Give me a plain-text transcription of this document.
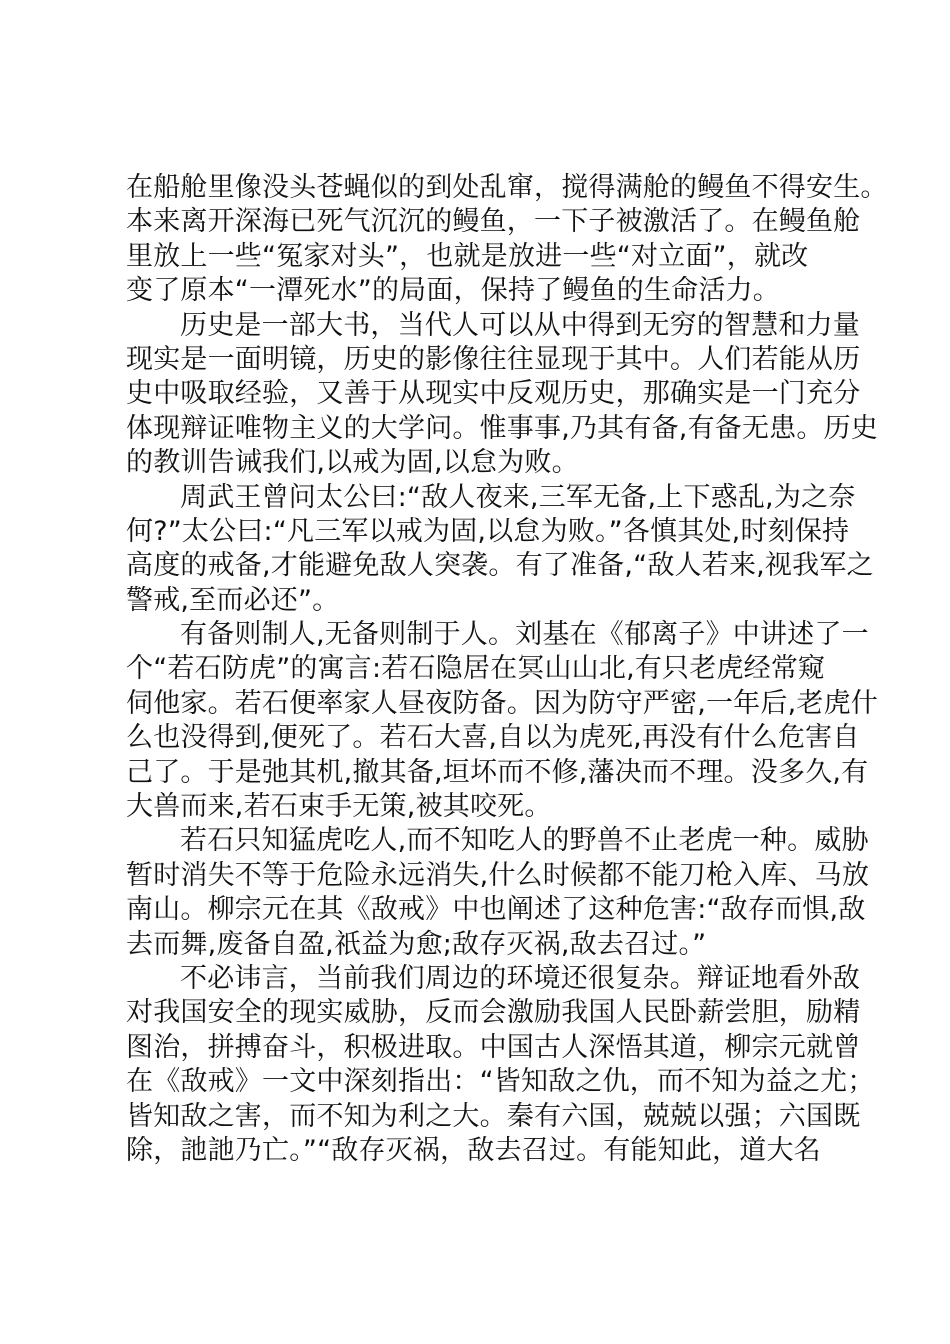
在船舱里像没头苍蝇似的到处乱窜，搅得满舱的鳗鱼不得安生。
本来离开深海已死气沉沉的鳗鱼，一下子被激活了。在鳗鱼舱
里放上一些“冤家对头”，也就是放进一些“对立面”，就改
变了原本“一潭死水”的局面，保持了鳗鱼的生命活力。
历史是一部大书，当代人可以从中得到无穷的智慧和力量
现实是一面明镜，历史的影像往往显现于其中。人们若能从历
史中吸取经验，又善于从现实中反观历史，那确实是一门充分
体现辩证唯物主义的大学问。惟事事,乃其有备,有备无患。历史
的教训告诫我们,以戒为固,以怠为败。
周武王曾问太公曰:“敌人夜来,三军无备,上下惑乱,为之奈
何?”太公曰:“凡三军以戒为固,以怠为败。”各慎其处,时刻保持
高度的戒备,才能避免敌人突袭。有了准备,“敌人若来,视我军之
警戒,至而必还”。
有备则制人,无备则制于人。刘基在《郁离子》中讲述了一
个“若石防虎”的寓言:若石隐居在冥山山北,有只老虎经常窥
伺他家。若石便率家人昼夜防备。因为防守严密,一年后,老虎什
么也没得到,便死了。若石大喜,自以为虎死,再没有什么危害自
己了。于是弛其机,撤其备,垣坏而不修,藩决而不理。没多久,有
大兽而来,若石束手无策,被其咬死。
若石只知猛虎吃人,而不知吃人的野兽不止老虎一种。威胁
暂时消失不等于危险永远消失,什么时候都不能刀枪入库、马放
南山。柳宗元在其《敌戒》中也阐述了这种危害:“敌存而惧,敌
去而舞,废备自盈,祇益为愈;敌存灭祸,敌去召过。”
不必讳言，当前我们周边的环境还很复杂。辩证地看外敌
对我国安全的现实威胁，反而会激励我国人民卧薪尝胆，励精
图治，拼搏奋斗，积极进取。中国古人深悟其道，柳宗元就曾
在《敌戒》一文中深刻指出：“皆知敌之仇，而不知为益之尤；
皆知敌之害，而不知为利之大。秦有六国，兢兢以强；六国既
除，訑訑乃亡。”“敌存灭祸，敌去召过。有能知此，道大名
